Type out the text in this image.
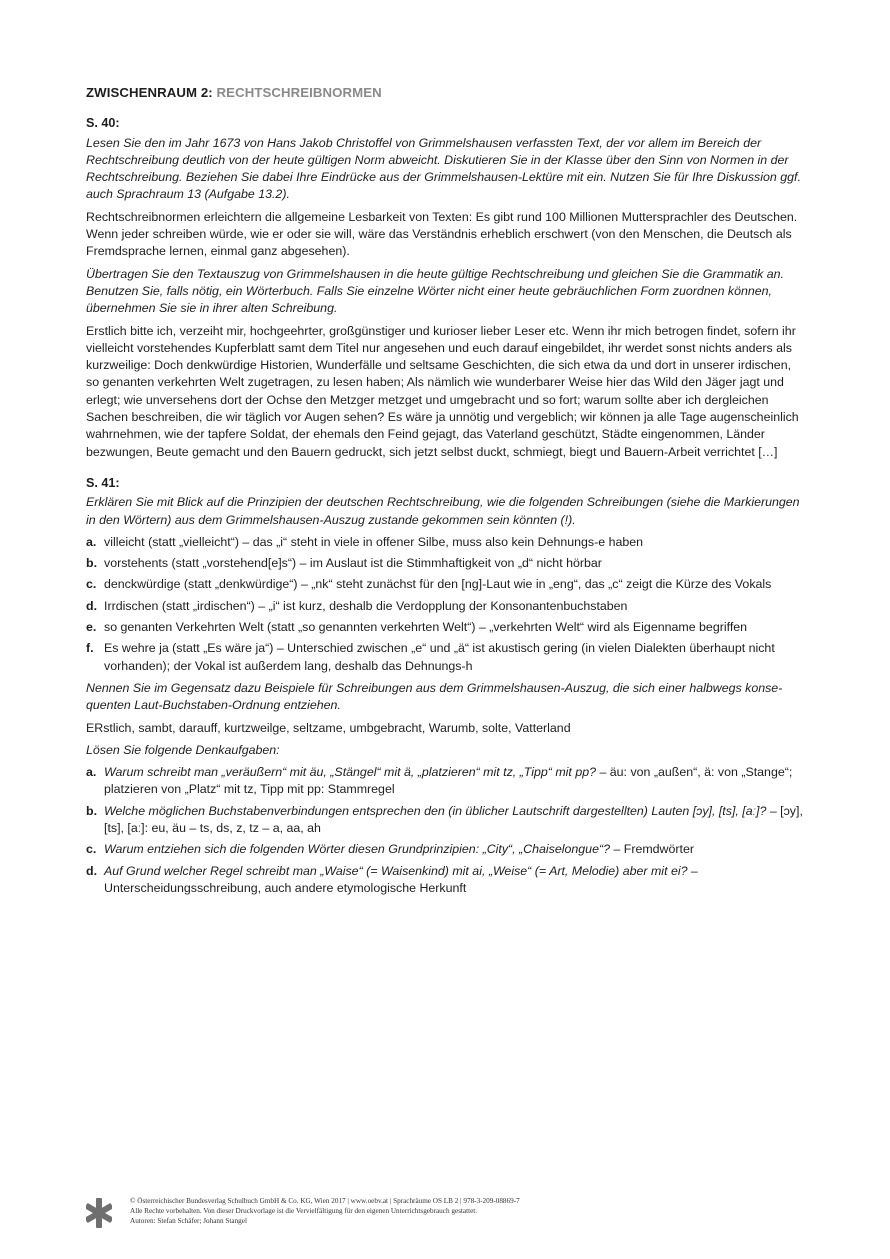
ZWISCHENRAUM 2: RECHTSCHREIBNORMEN
S. 40:

Lesen Sie den im Jahr 1673 von Hans Jakob Christoffel von Grimmelshausen verfassten Text, der vor allem im Bereich der Rechtschreibung deutlich von der heute gültigen Norm abweicht. Diskutieren Sie in der Klasse über den Sinn von Normen in der Rechtschreibung. Beziehen Sie dabei Ihre Eindrücke aus der Grimmelshausen-Lektüre mit ein. Nutzen Sie für Ihre Diskussion ggf. auch Sprachraum 13 (Aufgabe 13.2).

Rechtschreibnormen erleichtern die allgemeine Lesbarkeit von Texten: Es gibt rund 100 Millionen Muttersprachler des Deutschen. Wenn jeder schreiben würde, wie er oder sie will, wäre das Verständnis erheblich erschwert (von den Menschen, die Deutsch als Fremdsprache lernen, einmal ganz abgesehen).

Übertragen Sie den Textauszug von Grimmelshausen in die heute gültige Rechtschreibung und gleichen Sie die Grammatik an. Benutzen Sie, falls nötig, ein Wörterbuch. Falls Sie einzelne Wörter nicht einer heute gebräuchlichen Form zuordnen können, übernehmen Sie sie in ihrer alten Schreibung.

Erstlich bitte ich, verzeiht mir, hochgeehrter, großgünstiger und kurioser lieber Leser etc. Wenn ihr mich betrogen findet, sofern ihr vielleicht vorstehendes Kupferblatt samt dem Titel nur angesehen und euch darauf eingebildet, ihr werdet sonst nichts anders als kurzweilige: Doch denkwürdige Historien, Wunderfälle und seltsame Geschichten, die sich etwa da und dort in unserer irdischen, so genanten verkehrten Welt zugetragen, zu lesen haben; Als nämlich wie wunderbarer Weise hier das Wild den Jäger jagt und erlegt; wie unversehens dort der Ochse den Metzger metzget und umgebracht und so fort; warum sollte aber ich dergleichen Sachen beschreiben, die wir täglich vor Augen sehen? Es wäre ja unnötig und vergeblich; wir können ja alle Tage augenscheinlich wahrnehmen, wie der tapfere Soldat, der ehemals den Feind gejagt, das Vaterland geschützt, Städte eingenommen, Länder bezwungen, Beute gemacht und den Bauern gedruckt, sich jetzt selbst duckt, schmiegt, biegt und Bauern-Arbeit verrichtet […]

S. 41:

Erklären Sie mit Blick auf die Prinzipien der deutschen Rechtschreibung, wie die folgenden Schreibungen (siehe die Markierungen in den Wörtern) aus dem Grimmelshausen-Auszug zustande gekommen sein könnten (!).

a. villeicht (statt „vielleicht“) – das „i“ steht in viele in offener Silbe, muss also kein Dehnungs-e haben
b. vorstehents (statt „vorstehend[e]s“) – im Auslaut ist die Stimmhaftigkeit von „d“ nicht hörbar
c. denckwürdige (statt „denkwürdige“) – „nk“ steht zunächst für den [ng]-Laut wie in „eng“, das „c“ zeigt die Kürze des Vokals
d. Irrdischen (statt „irdischen“) – „i“ ist kurz, deshalb die Verdopplung der Konsonantenbuchstaben
e. so genanten Verkehrten Welt (statt „so genannten verkehrten Welt“) – „verkehrten Welt“ wird als Eigenname begriffen
f. Es wehre ja (statt „Es wäre ja“) – Unterschied zwischen „e“ und „ä“ ist akustisch gering (in vielen Dialekten überhaupt nicht vorhanden); der Vokal ist außerdem lang, deshalb das Dehnungs-h

Nennen Sie im Gegensatz dazu Beispiele für Schreibungen aus dem Grimmelshausen-Auszug, die sich einer halbwegs konsequenten Laut-Buchstaben-Ordnung entziehen.

ERstlich, sambt, darauff, kurtzweilge, seltzame, umbgebracht, Warumb, solte, Vatterland

Lösen Sie folgende Denkaufgaben:

a. Warum schreibt man „veräußern“ mit äu, „Stängel“ mit ä, „platzieren“ mit tz, „Tipp“ mit pp? – äu: von „außen“, ä: von „Stange“; platzieren von „Platz“ mit tz, Tipp mit pp: Stammregel
b. Welche möglichen Buchstabenverbindungen entsprechen den (in üblicher Lautschrift dargestellten) Lauten [ɔy], [ts], [aː]? – [ɔy], [ts], [aː]: eu, äu – ts, ds, z, tz – a, aa, ah
c. Warum entziehen sich die folgenden Wörter diesen Grundprinzipien: „City“, „Chaiselongue“? – Fremdwörter
d. Auf Grund welcher Regel schreibt man „Waise“ (= Waisenkind) mit ai, „Weise“ (= Art, Melodie) aber mit ei? – Unterscheidungsschreibung, auch andere etymologische Herkunft
© Österreichischer Bundesverlag Schulbuch GmbH & Co. KG, Wien 2017 | www.oebv.at | Sprachräume OS LB 2 | 978-3-209-08869-7
Alle Rechte vorbehalten. Von dieser Druckvorlage ist die Vervielfältigung für den eigenen Unterrichtsgebrauch gestattet.
Autoren: Stefan Schäfer; Johann Stangel
